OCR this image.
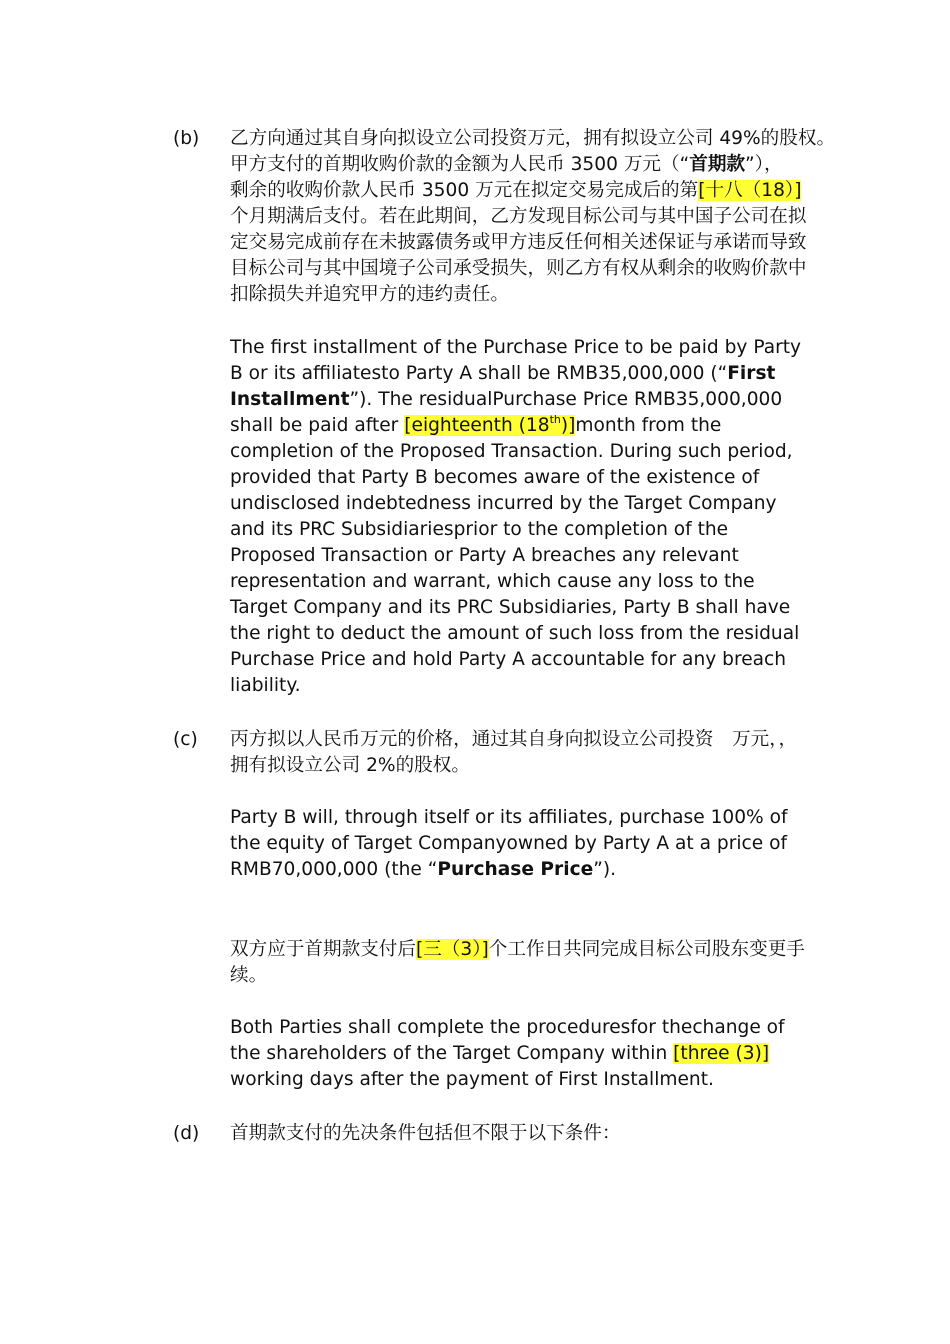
(b) 乙方向通过其自身向拟设立公司投资万元，拥有拟设立公司 49%的股权。
甲方支付的首期收购价款的金额为人民币 3500 万元（“首期款”），
剩余的收购价款人民币 3500 万元在拟定交易完成后的第[十八（18）]
个月期满后支付。若在此期间，乙方发现目标公司与其中国子公司在拟
定交易完成前存在未披露债务或甲方违反任何相关述保证与承诺而导致
目标公司与其中国境子公司承受损失，则乙方有权从剩余的收购价款中
扣除损失并追究甲方的违约责任。
The first installment of the Purchase Price to be paid by Party
B or its affiliatesto Party A shall be RMB35,000,000 (“First
Installment”). The residualPurchase Price RMB35,000,000
shall be paid after [eighteenth (18th)]month from the
completion of the Proposed Transaction. During such period,
provided that Party B becomes aware of the existence of
undisclosed indebtedness incurred by the Target Company
and its PRC Subsidiariesprior to the completion of the
Proposed Transaction or Party A breaches any relevant
representation and warrant, which cause any loss to the
Target Company and its PRC Subsidiaries, Party B shall have
the right to deduct the amount of such loss from the residual
Purchase Price and hold Party A accountable for any breach
liability.
(c) 丙方拟以人民币万元的价格，通过其自身向拟设立公司投资　万元，，
拥有拟设立公司 2%的股权。
Party B will, through itself or its affiliates, purchase 100% of
the equity of Target Companyowned by Party A at a price of
RMB70,000,000 (the “Purchase Price”).
双方应于首期款支付后[三（3）]个工作日共同完成目标公司股东变更手
续。
Both Parties shall complete the proceduresfor thechange of
the shareholders of the Target Company within [three (3)]
working days after the payment of First Installment.
(d) 首期款支付的先决条件包括但不限于以下条件：
